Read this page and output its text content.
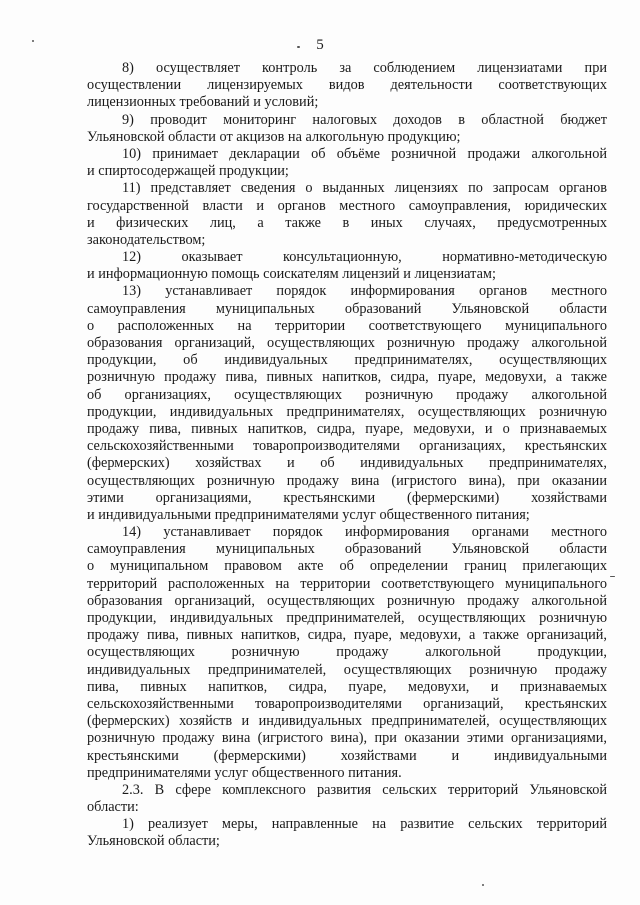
5
8) осуществляет контроль за соблюдением лицензиатами при
осуществлении лицензируемых видов деятельности соответствующих
лицензионных требований и условий;
9) проводит мониторинг налоговых доходов в областной бюджет
Ульяновской области от акцизов на алкогольную продукцию;
10) принимает декларации об объёме розничной продажи алкогольной
и спиртосодержащей продукции;
11) представляет сведения о выданных лицензиях по запросам органов
государственной власти и органов местного самоуправления, юридических
и физических лиц, а также в иных случаях, предусмотренных
законодательством;
12) оказывает консультационную, нормативно-методическую
и информационную помощь соискателям лицензий и лицензиатам;
13) устанавливает порядок информирования органов местного
самоуправления муниципальных образований Ульяновской области
о расположенных на территории соответствующего муниципального
образования организаций, осуществляющих розничную продажу алкогольной
продукции, об индивидуальных предпринимателях, осуществляющих
розничную продажу пива, пивных напитков, сидра, пуаре, медовухи, а также
об организациях, осуществляющих розничную продажу алкогольной
продукции, индивидуальных предпринимателях, осуществляющих розничную
продажу пива, пивных напитков, сидра, пуаре, медовухи, и о признаваемых
сельскохозяйственными товаропроизводителями организациях, крестьянских
(фермерских) хозяйствах и об индивидуальных предпринимателях,
осуществляющих розничную продажу вина (игристого вина), при оказании
этими организациями, крестьянскими (фермерскими) хозяйствами
и индивидуальными предпринимателями услуг общественного питания;
14) устанавливает порядок информирования органами местного
самоуправления муниципальных образований Ульяновской области
о муниципальном правовом акте об определении границ прилегающих
территорий расположенных на территории соответствующего муниципального
образования организаций, осуществляющих розничную продажу алкогольной
продукции, индивидуальных предпринимателей, осуществляющих розничную
продажу пива, пивных напитков, сидра, пуаре, медовухи, а также организаций,
осуществляющих розничную продажу алкогольной продукции,
индивидуальных предпринимателей, осуществляющих розничную продажу
пива, пивных напитков, сидра, пуаре, медовухи, и признаваемых
сельскохозяйственными товаропроизводителями организаций, крестьянских
(фермерских) хозяйств и индивидуальных предпринимателей, осуществляющих
розничную продажу вина (игристого вина), при оказании этими организациями,
крестьянскими (фермерскими) хозяйствами и индивидуальными
предпринимателями услуг общественного питания.
2.3. В сфере комплексного развития сельских территорий Ульяновской
области:
1) реализует меры, направленные на развитие сельских территорий
Ульяновской области;
